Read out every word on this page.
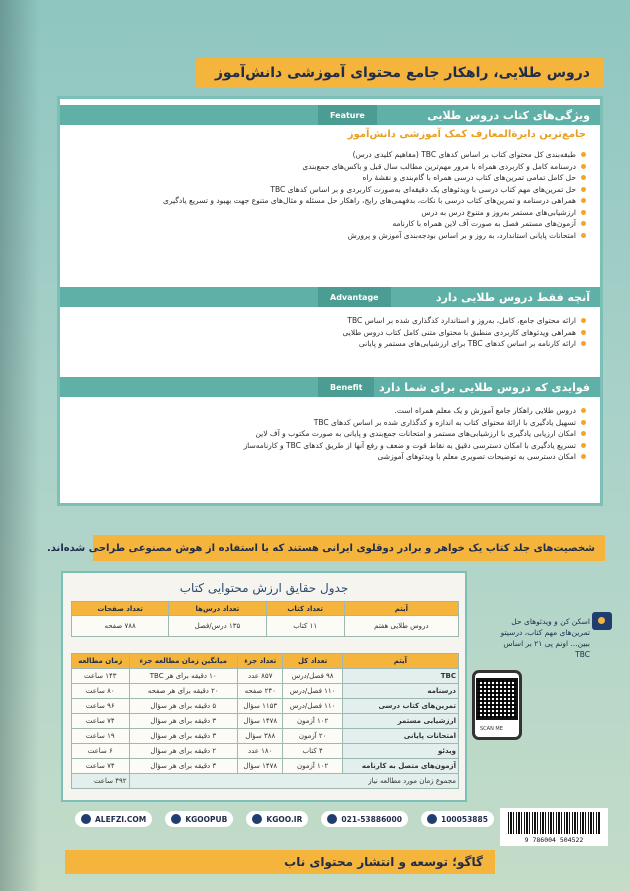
دروس طلایی، راهکار جامع محتوای آموزشی دانش‌آموز
Feature	ویژگی‌های کتاب دروس طلایی
جامع‌ترین دایرةالمعارف کمک آموزشی دانش‌آموز
طبقه‌بندی کل محتوای کتاب بر اساس کدهای TBC (مفاهیم کلیدی درس)
درسنامه کامل و کاربردی همراه با مرور مهم‌ترین مطالب سال قبل و باکس‌های جمع‌بندی
حل کامل تمامی تمرین‌های کتاب درسی همراه با گام‌بندی و نقشهٔ راه
حل تمرین‌های مهم کتاب درسی با ویدئوهای یک دقیقه‌ای به‌صورت کاربردی و بر اساس کدهای TBC
همراهی درسنامه و تمرین‌های کتاب درسی با نکات، بدفهمی‌های رایج، راهکار حل مسئله و مثال‌های متنوع جهت بهبود و تسریع یادگیری
ارزشیابی‌های مستمر به‌روز و متنوع درس به درس
آزمون‌های مستمر فصل به صورت آف لاین همراه با کارنامه
امتحانات پایانی استاندارد، به روز و بر اساس بودجه‌بندی آموزش و پرورش
Advantage	آنچه فقط دروس طلایی دارد
ارائه محتوای جامع، کامل، به‌روز و استاندارد کدگذاری شده بر اساس TBC
همراهی ویدئوهای کاربردی منطبق با محتوای متنی کامل کتاب دروس طلایی
ارائه کارنامه بر اساس کدهای TBC برای ارزشیابی‌های مستمر و پایانی
Benefit	فوایدی که دروس طلایی برای شما دارد
دروس طلایی راهکار جامع آموزش و یک معلم همراه است.
تسهیل یادگیری با ارائهٔ محتوای کتاب به اندازه و کدگذاری شده بر اساس کدهای TBC
امکان ارزیابی یادگیری با ارزشیابی‌های مستمر و امتحانات جمع‌بندی و پایانی به صورت مکتوب و آف لاین
تسریع یادگیری با امکان دسترسی دقیق به نقاط قوت و ضعف و رفع آنها از طریق کدهای TBC و کارنامه‌ساز
امکان دسترسی به توضیحات تصویری معلم با ویدئوهای آموزشی
شخصیت‌های جلد کتاب یک خواهر و برادر دوقلوی ایرانی هستند که با استفاده از هوش مصنوعی طراحی شده‌اند.
جدول حقایق ارزش محتوایی کتاب
آیتم	تعداد کتاب	تعداد درس‌ها	تعداد صفحات
دروس طلایی هفتم	۱۱ کتاب	۱۳۵ درس/فصل	۷۸۸ صفحه
آیتم	تعداد کل	تعداد جزء	میانگین زمان مطالعه جزء	زمان مطالعه
TBC	۹۸ فصل/درس	۸۵۷ عدد	۱۰ دقیقه برای هر TBC	۱۴۳ ساعت
درسنامه	۱۱۰ فصل/درس	۲۴۰ صفحه	۲۰ دقیقه برای هر صفحه	۸۰ ساعت
تمرین‌های کتاب درسی	۱۱۰ فصل/درس	۱۱۵۳ سؤال	۵ دقیقه برای هر سؤال	۹۶ ساعت
ارزشیابی مستمر	۱۰۲ آزمون	۱۴۷۸ سؤال	۳ دقیقه برای هر سؤال	۷۴ ساعت
امتحانات پایانی	۲۰ آزمون	۳۸۸ سؤال	۳ دقیقه برای هر سؤال	۱۹ ساعت
ویدئو	۴ کتاب	۱۸۰ عدد	۲ دقیقه برای هر سؤال	۶ ساعت
آزمون‌های متصل به کارنامه	۱۰۲ آزمون	۱۴۷۸ سؤال	۳ دقیقه برای هر سؤال	۷۴ ساعت
مجموع زمان مورد مطالعه نیاز				۴۹۲ ساعت
اسکن کن و ویدئوهای حل تمرین‌های مهم کتاب، درسیتو ببین... اونم پی ۲۱ بر اساس TBC
SCAN ME
ALEFZI.COM	KGOOPUB	KGOO.IR	021-53886000	100053885
9 786004 504522
گاگو؛ توسعه و انتشار محتوای ناب
